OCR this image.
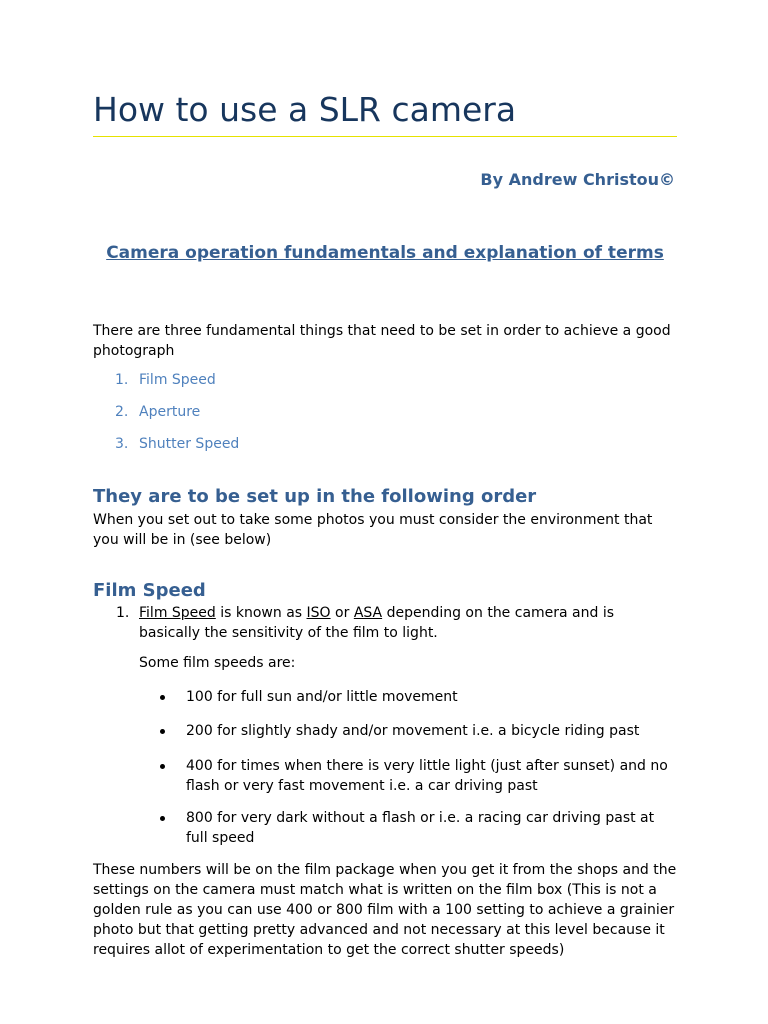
How to use a SLR camera
By Andrew Christou©
Camera operation fundamentals and explanation of terms

There are three fundamental things that need to be set in order to achieve a good photograph

1. Film Speed
2. Aperture
3. Shutter Speed
They are to be set up in the following order

When you set out to take some photos you must consider the environment that you will be in (see below)

Film Speed
1. Film Speed is known as ISO or ASA depending on the camera and is basically the sensitivity of the film to light.
Some film speeds are:
100 for full sun and/or little movement
200 for slightly shady and/or movement i.e. a bicycle riding past
400 for times when there is very little light (just after sunset) and no flash or very fast movement i.e. a car driving past
800 for very dark without a flash or i.e. a racing car driving past at full speed

These numbers will be on the film package when you get it from the shops and the settings on the camera must match what is written on the film box (This is not a golden rule as you can use 400 or 800 film with a 100 setting to achieve a grainier photo but that getting pretty advanced and not necessary at this level because it requires allot of experimentation to get the correct shutter speeds)
